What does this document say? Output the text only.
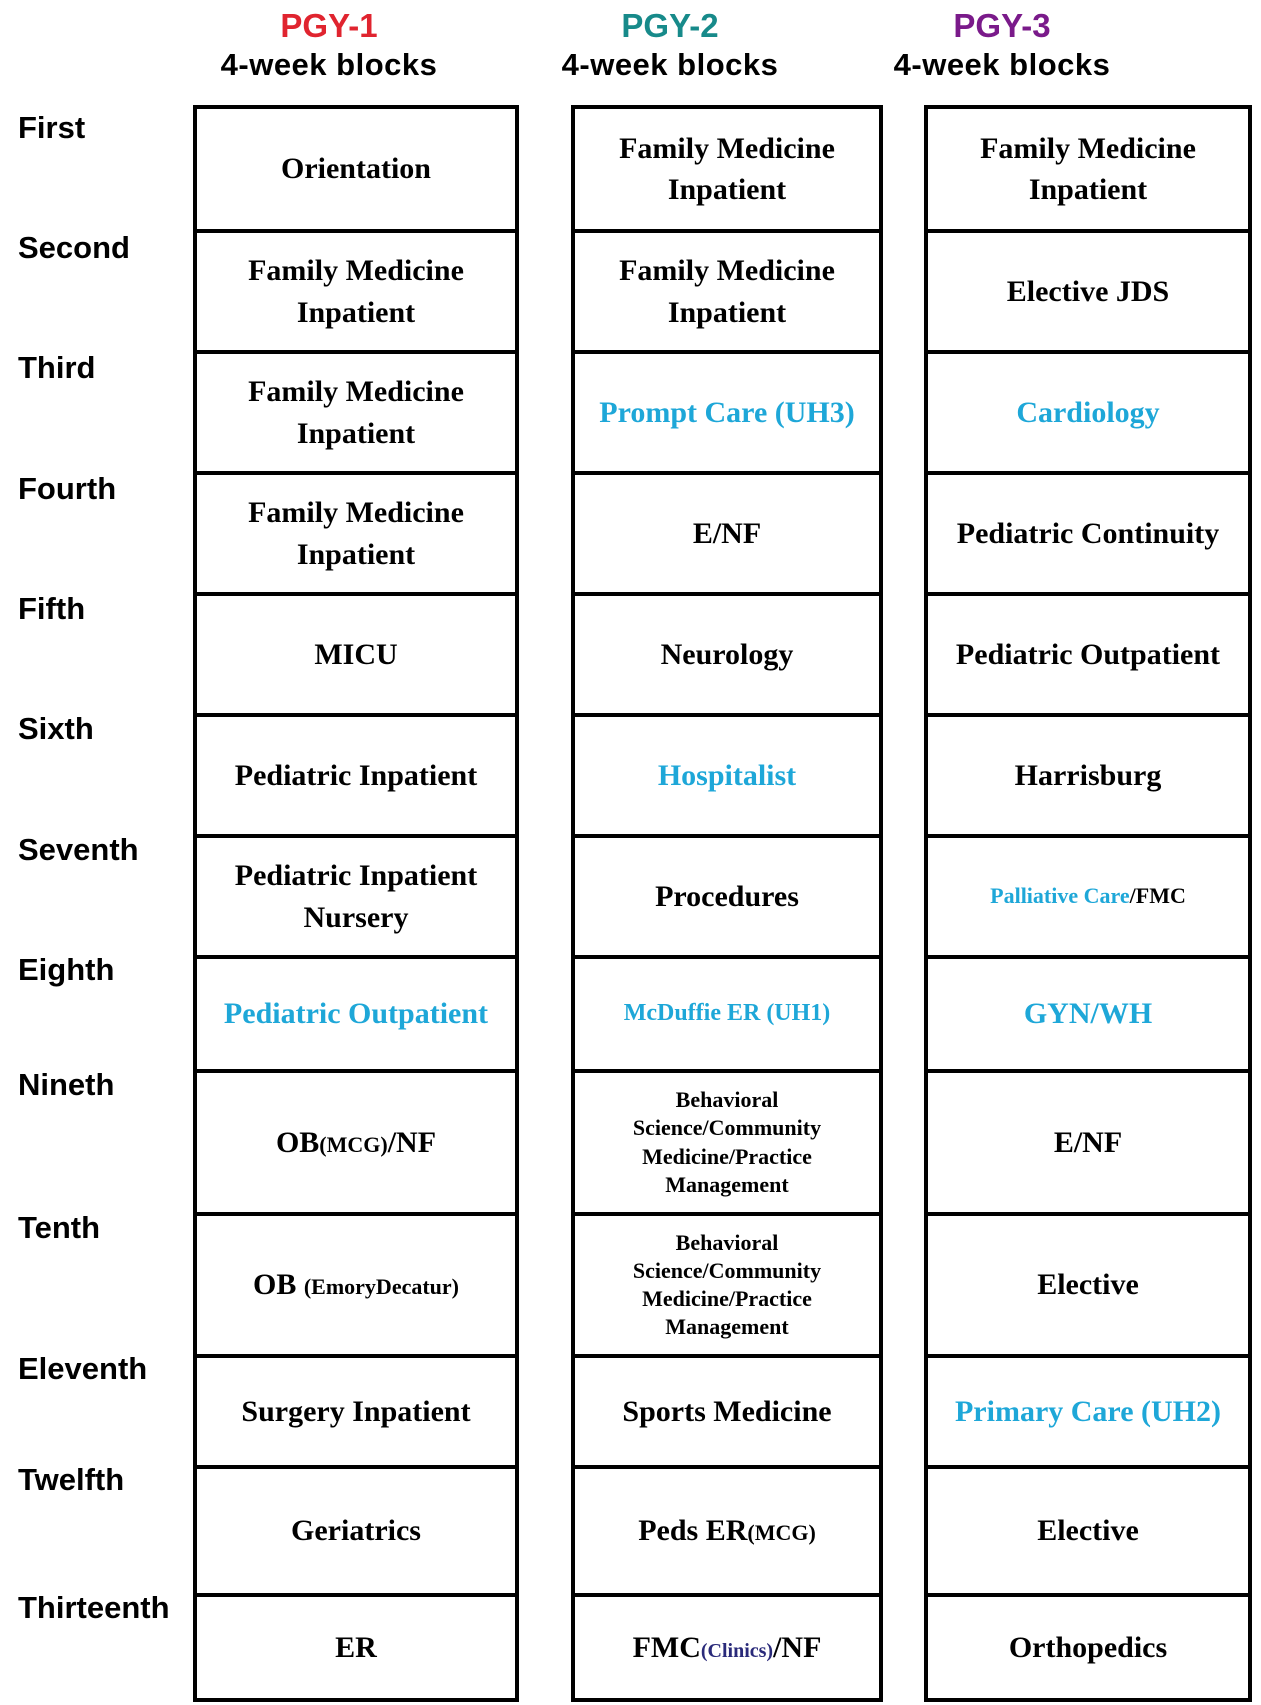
PGY-1
4-week blocks
PGY-2
4-week blocks
PGY-3
4-week blocks
First
Second
Third
Fourth
Fifth
Sixth
Seventh
Eighth
Nineth
Tenth
Eleventh
Twelfth
Thirteenth
Orientation
Family Medicine
Inpatient
Family Medicine
Inpatient
Family Medicine
Inpatient
MICU
Pediatric Inpatient
Pediatric Inpatient
Nursery
Pediatric Outpatient
OB(MCG)/NF
OB (EmoryDecatur)
Surgery Inpatient
Geriatrics
ER
Family Medicine
Inpatient
Family Medicine
Inpatient
Prompt Care (UH3)
E/NF
Neurology
Hospitalist
Procedures
McDuffie ER (UH1)
Behavioral
Science/Community
Medicine/Practice
Management
Behavioral
Science/Community
Medicine/Practice
Management
Sports Medicine
Peds ER(MCG)
FMC(Clinics)/NF
Family Medicine
Inpatient
Elective JDS
Cardiology
Pediatric Continuity
Pediatric Outpatient
Harrisburg
Palliative Care/FMC
GYN/WH
E/NF
Elective
Primary Care (UH2)
Elective
Orthopedics
